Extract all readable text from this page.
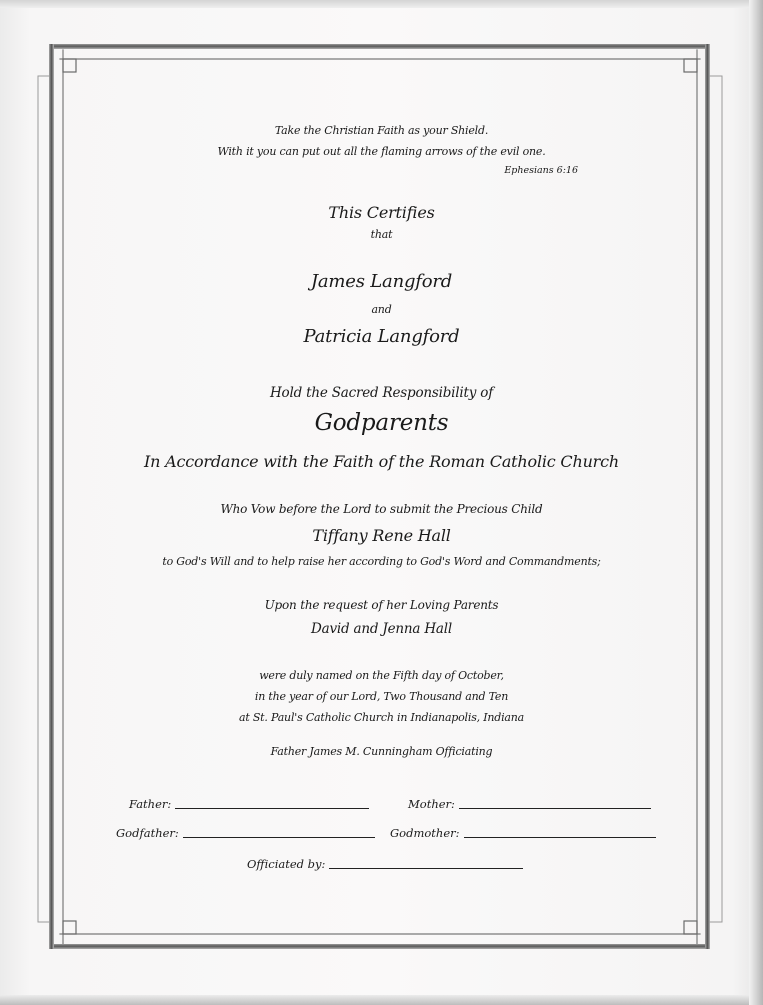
Take the Christian Faith as your Shield.
With it you can put out all the flaming arrows of the evil one.
Ephesians 6:16
This Certifies
that
James Langford
and
Patricia Langford
Hold the Sacred Responsibility of
Godparents
In Accordance with the Faith of the Roman Catholic Church
Who Vow before the Lord to submit the Precious Child
Tiffany Rene Hall
to God's Will and to help raise her according to God's Word and Commandments;
Upon the request of her Loving Parents
David and Jenna Hall
were duly named on the Fifth day of October,
in the year of our Lord, Two Thousand and Ten
at St. Paul's Catholic Church in Indianapolis, Indiana
Father James M. Cunningham Officiating
Father:	Mother:
Godfather:	Godmother:
Officiated by:
